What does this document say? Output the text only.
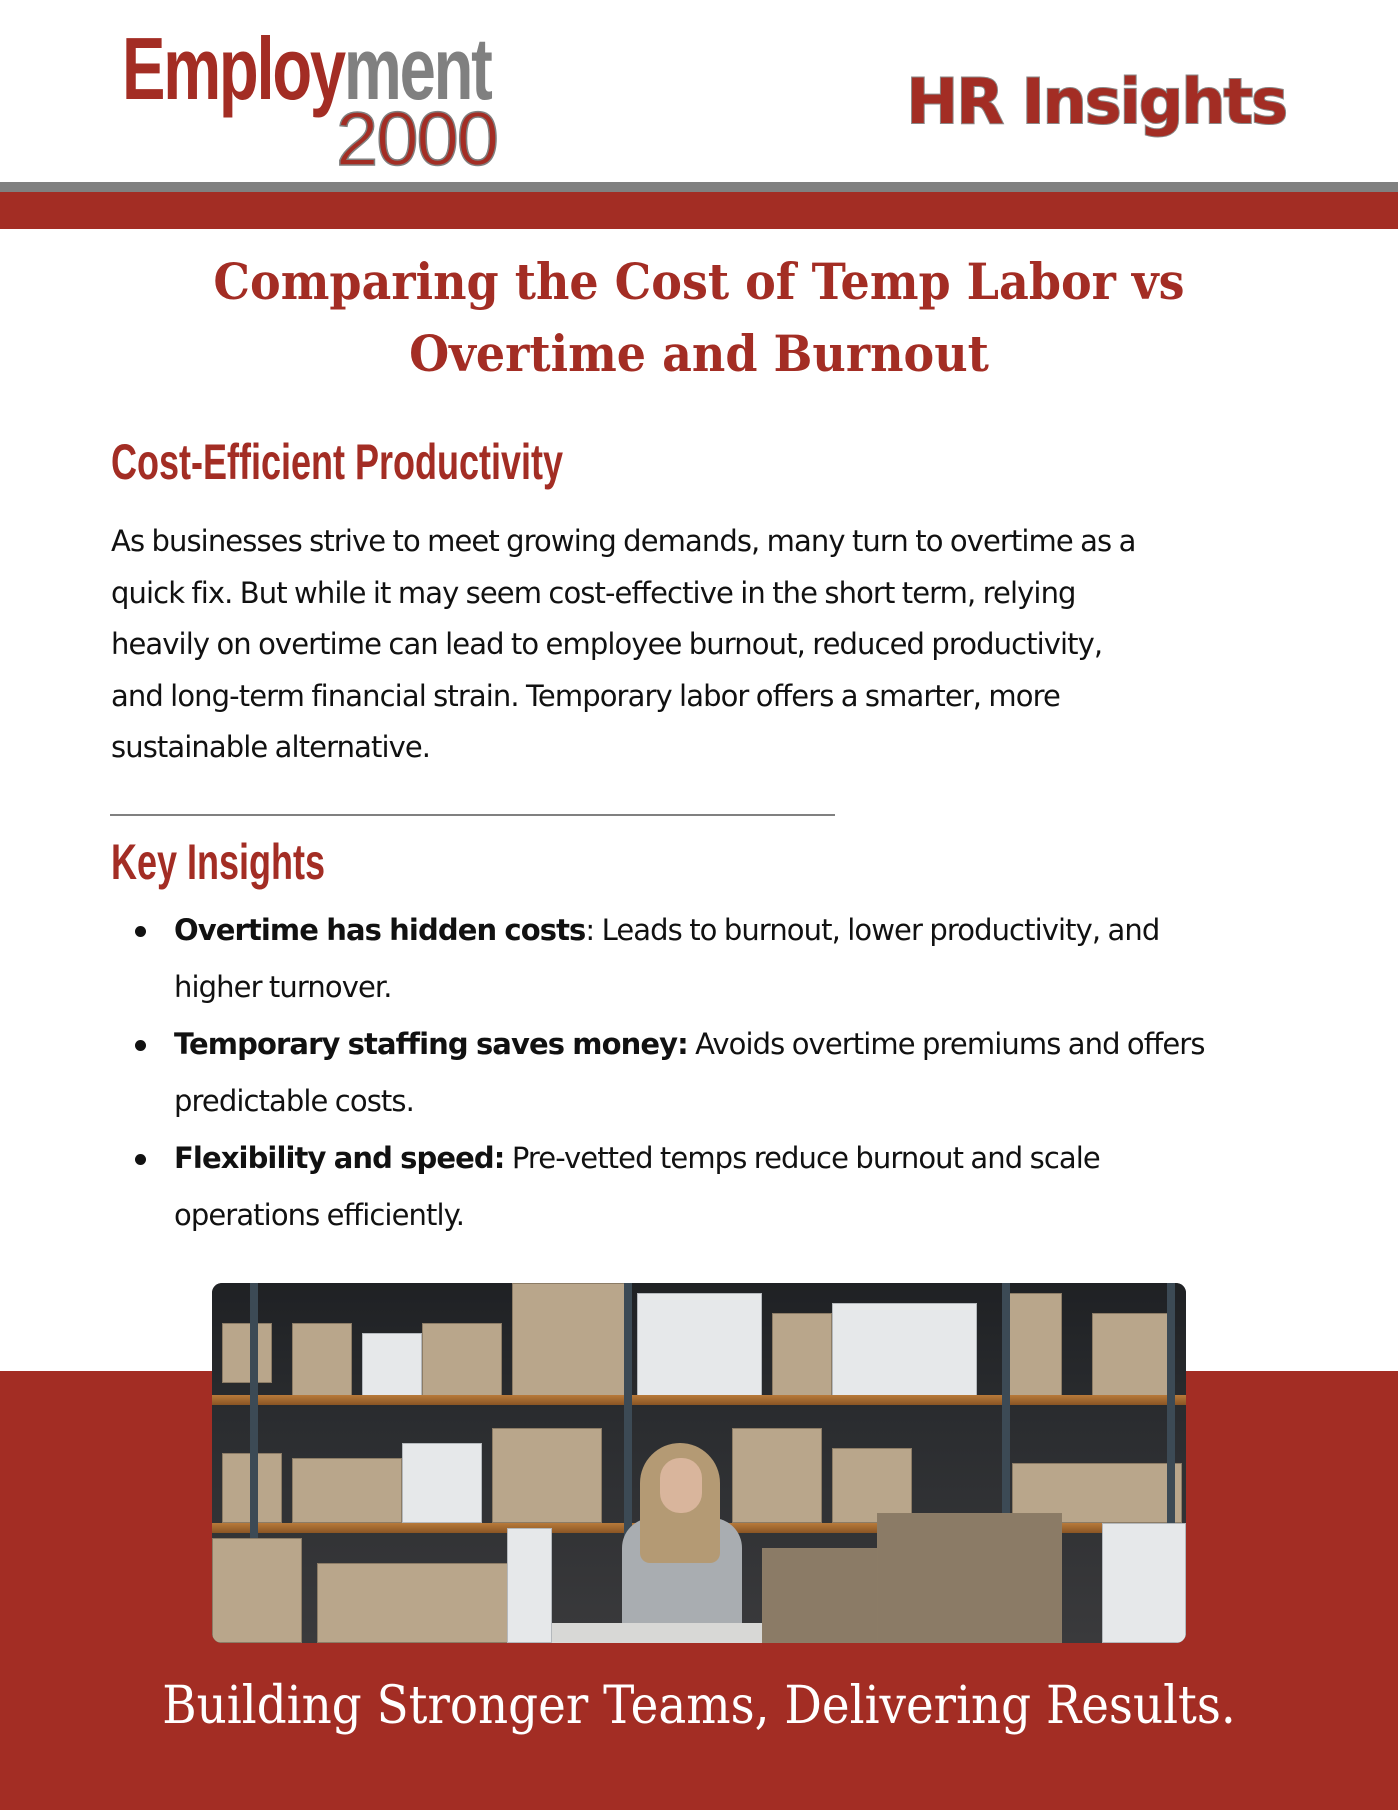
Employment
2000	HR Insights
Comparing the Cost of Temp Labor vs
Overtime and Burnout
Cost-Efficient Productivity
As businesses strive to meet growing demands, many turn to overtime as a
quick fix. But while it may seem cost-effective in the short term, relying
heavily on overtime can lead to employee burnout, reduced productivity,
and long-term financial strain. Temporary labor offers a smarter, more
sustainable alternative.
Key Insights
Overtime has hidden costs: Leads to burnout, lower productivity, and
higher turnover.
Temporary staffing saves money: Avoids overtime premiums and offers
predictable costs.
Flexibility and speed: Pre-vetted temps reduce burnout and scale
operations efficiently.
Building Stronger Teams, Delivering Results.
